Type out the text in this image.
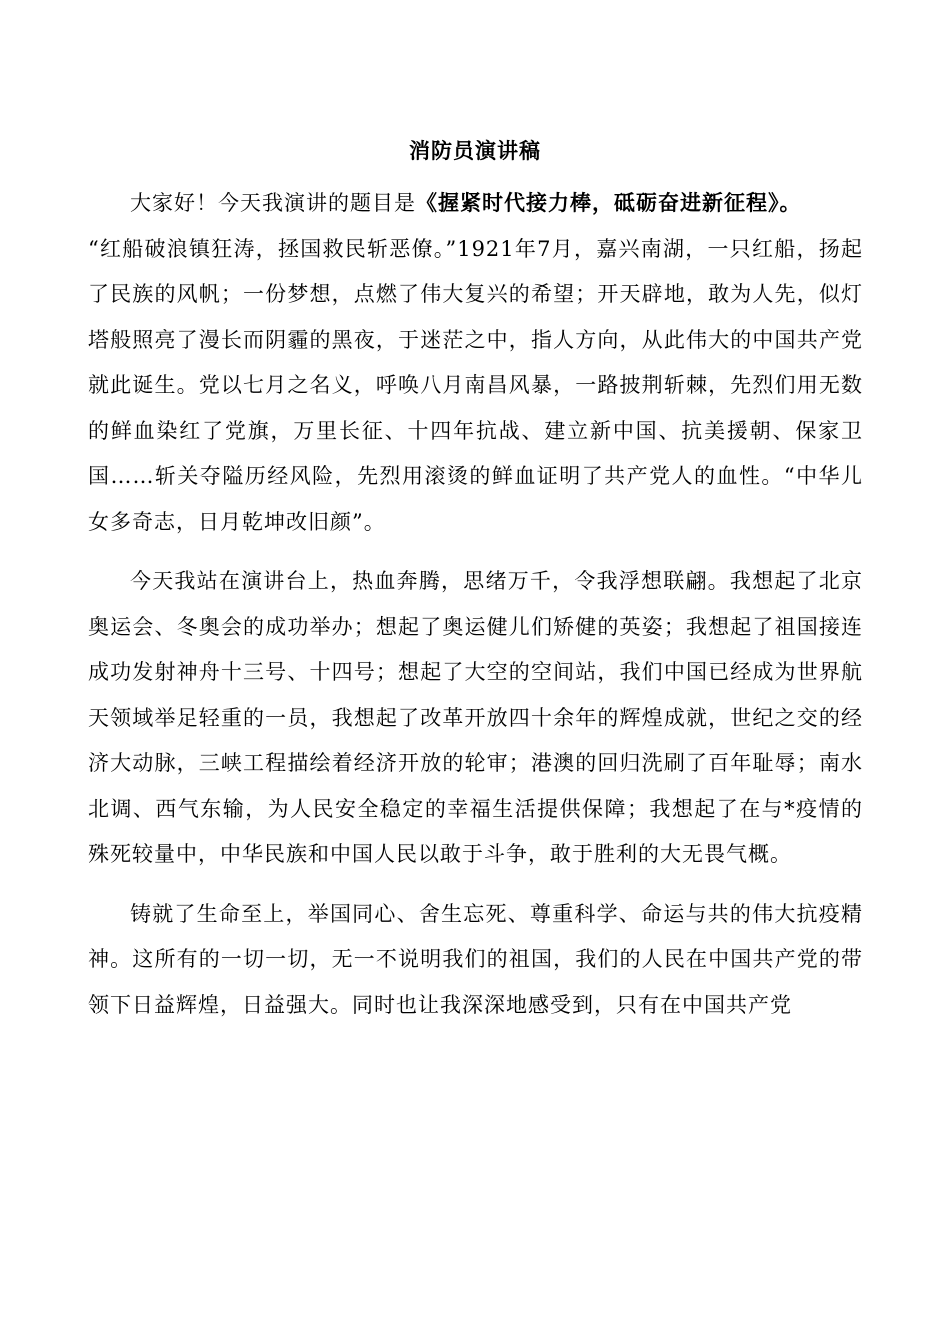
消防员演讲稿

大家好！今天我演讲的题目是《握紧时代接力棒，砥砺奋进新征程》。

“红船破浪镇狂涛，拯国救民斩恶僚。”1921年7月，嘉兴南湖，一只红船，扬起了民族的风帆；一份梦想，点燃了伟大复兴的希望；开天辟地，敢为人先，似灯塔般照亮了漫长而阴霾的黑夜，于迷茫之中，指人方向，从此伟大的中国共产党就此诞生。党以七月之名义，呼唤八月南昌风暴，一路披荆斩棘，先烈们用无数的鲜血染红了党旗，万里长征、十四年抗战、建立新中国、抗美援朝、保家卫国……斩关夺隘历经风险，先烈用滚烫的鲜血证明了共产党人的血性。“中华儿女多奇志，日月乾坤改旧颜”。

今天我站在演讲台上，热血奔腾，思绪万千，令我浮想联翩。我想起了北京奥运会、冬奥会的成功举办；想起了奥运健儿们矫健的英姿；我想起了祖国接连成功发射神舟十三号、十四号；想起了大空的空间站，我们中国已经成为世界航天领域举足轻重的一员，我想起了改革开放四十余年的辉煌成就，世纪之交的经济大动脉，三峡工程描绘着经济开放的轮审；港澳的回归洗刷了百年耻辱；南水北调、西气东输，为人民安全稳定的幸福生活提供保障；我想起了在与*疫情的殊死较量中，中华民族和中国人民以敢于斗争，敢于胜利的大无畏气概。

铸就了生命至上，举国同心、舍生忘死、尊重科学、命运与共的伟大抗疫精神。这所有的一切一切，无一不说明我们的祖国，我们的人民在中国共产党的带领下日益辉煌，日益强大。同时也让我深深地感受到，只有在中国共产党
